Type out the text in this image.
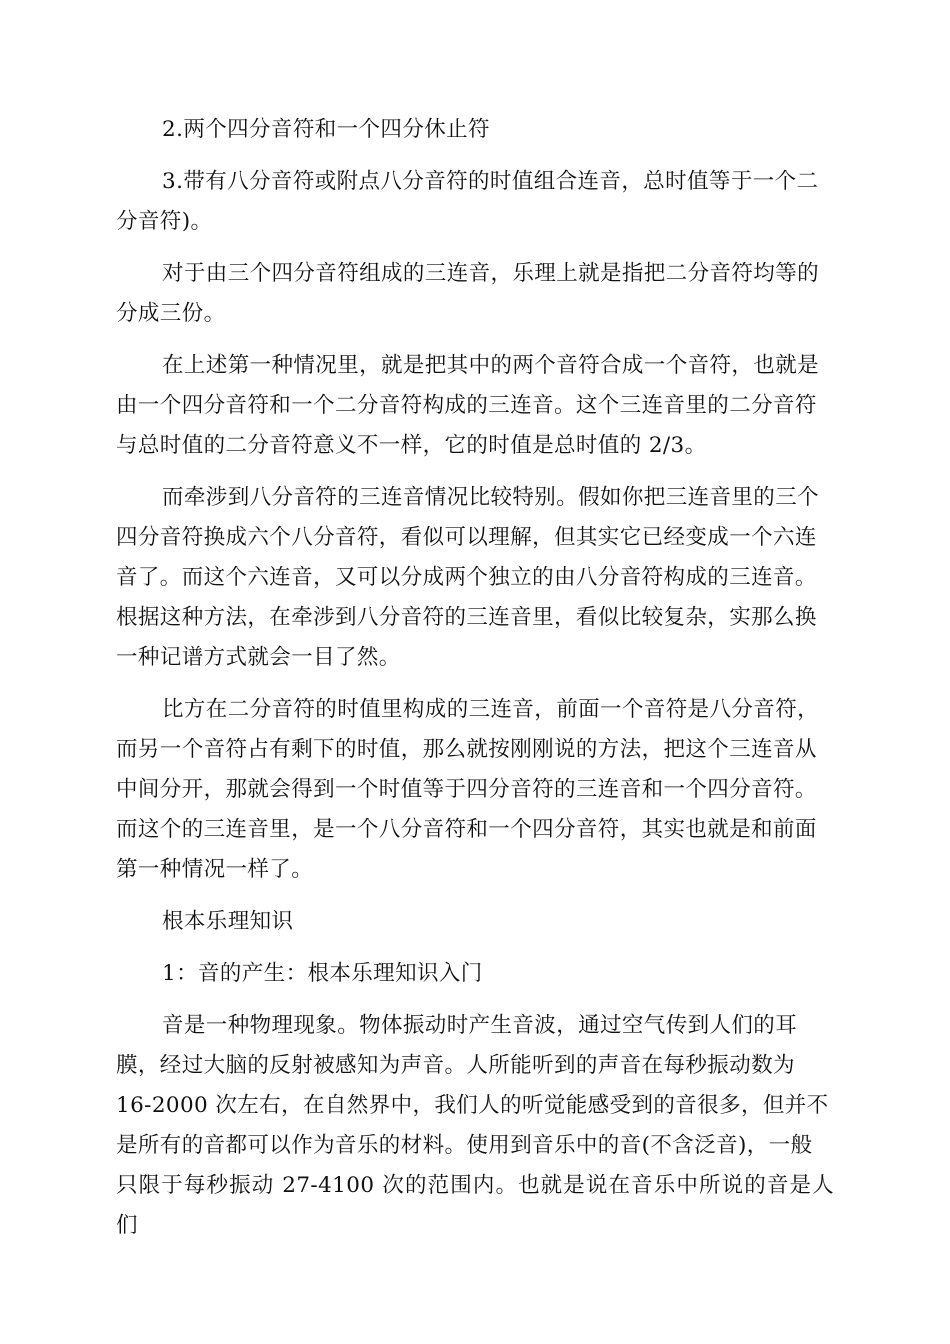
2.两个四分音符和一个四分休止符

3.带有八分音符或附点八分音符的时值组合连音，总时值等于一个二
分音符)。

对于由三个四分音符组成的三连音，乐理上就是指把二分音符均等的
分成三份。

在上述第一种情况里，就是把其中的两个音符合成一个音符，也就是
由一个四分音符和一个二分音符构成的三连音。这个三连音里的二分音符
与总时值的二分音符意义不一样，它的时值是总时值的 2/3。

而牵涉到八分音符的三连音情况比较特别。假如你把三连音里的三个
四分音符换成六个八分音符，看似可以理解，但其实它已经变成一个六连
音了。而这个六连音，又可以分成两个独立的由八分音符构成的三连音。
根据这种方法，在牵涉到八分音符的三连音里，看似比较复杂，实那么换
一种记谱方式就会一目了然。

比方在二分音符的时值里构成的三连音，前面一个音符是八分音符，
而另一个音符占有剩下的时值，那么就按刚刚说的方法，把这个三连音从
中间分开，那就会得到一个时值等于四分音符的三连音和一个四分音符。
而这个的三连音里，是一个八分音符和一个四分音符，其实也就是和前面
第一种情况一样了。

根本乐理知识

1：音的产生：根本乐理知识入门

音是一种物理现象。物体振动时产生音波，通过空气传到人们的耳
膜，经过大脑的反射被感知为声音。人所能听到的声音在每秒振动数为
16-2000 次左右，在自然界中，我们人的听觉能感受到的音很多，但并不
是所有的音都可以作为音乐的材料。使用到音乐中的音(不含泛音)，一般
只限于每秒振动 27-4100 次的范围内。也就是说在音乐中所说的音是人们
